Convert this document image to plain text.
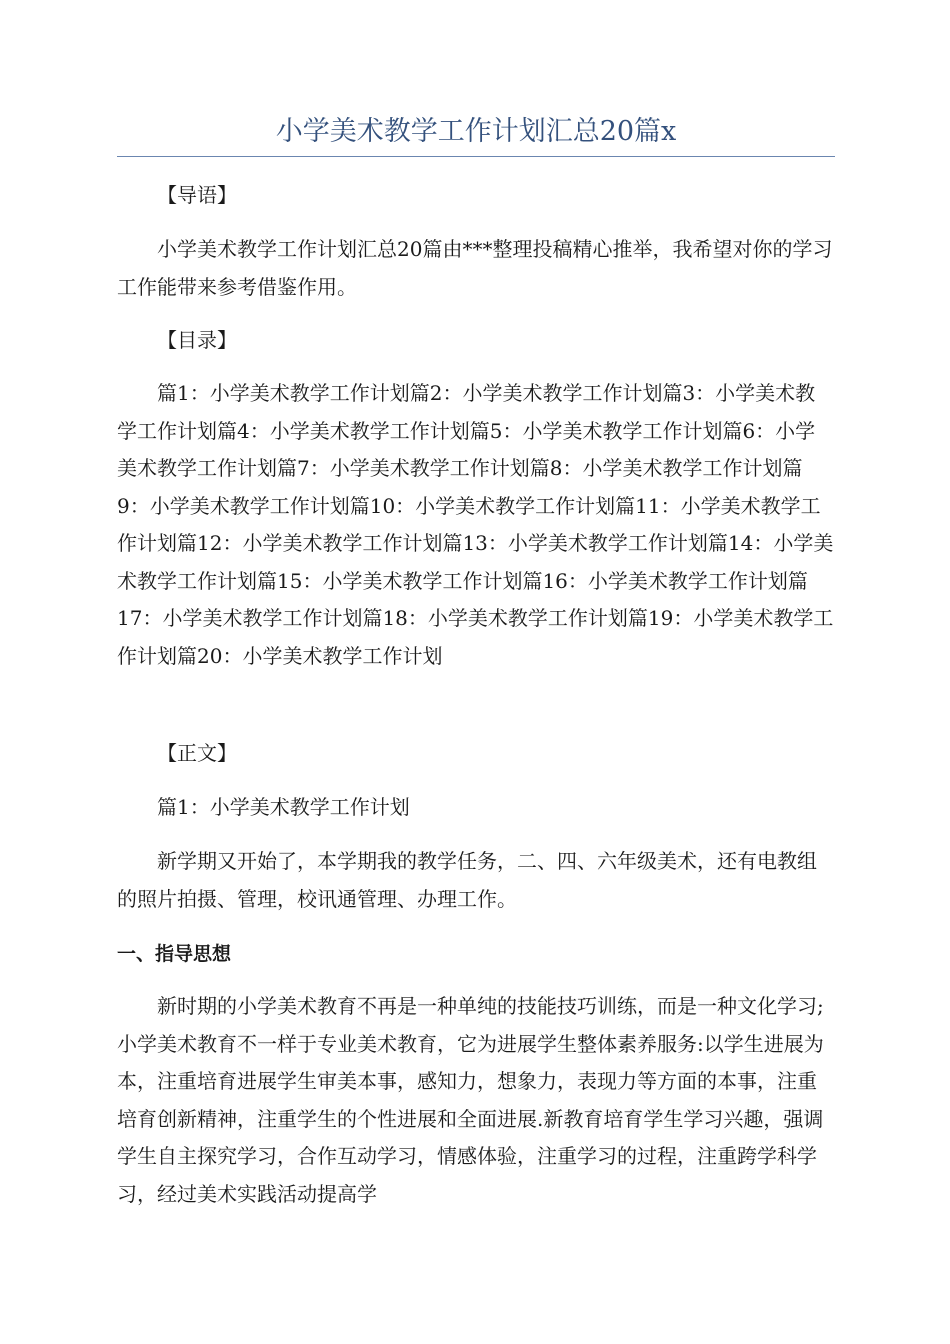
小学美术教学工作计划汇总20篇x

【导语】

小学美术教学工作计划汇总20篇由***整理投稿精心推举，我希望对你的学习工作能带来参考借鉴作用。

【目录】

篇1：小学美术教学工作计划篇2：小学美术教学工作计划篇3：小学美术教学工作计划篇4：小学美术教学工作计划篇5：小学美术教学工作计划篇6：小学美术教学工作计划篇7：小学美术教学工作计划篇8：小学美术教学工作计划篇9：小学美术教学工作计划篇10：小学美术教学工作计划篇11：小学美术教学工作计划篇12：小学美术教学工作计划篇13：小学美术教学工作计划篇14：小学美术教学工作计划篇15：小学美术教学工作计划篇16：小学美术教学工作计划篇17：小学美术教学工作计划篇18：小学美术教学工作计划篇19：小学美术教学工作计划篇20：小学美术教学工作计划

【正文】

篇1：小学美术教学工作计划

新学期又开始了，本学期我的教学任务，二、四、六年级美术，还有电教组的照片拍摄、管理，校讯通管理、办理工作。

一、指导思想

新时期的小学美术教育不再是一种单纯的技能技巧训练，而是一种文化学习;小学美术教育不一样于专业美术教育，它为进展学生整体素养服务:以学生进展为本，注重培育进展学生审美本事，感知力，想象力，表现力等方面的本事，注重培育创新精神，注重学生的个性进展和全面进展.新教育培育学生学习兴趣，强调学生自主探究学习，合作互动学习，情感体验，注重学习的过程，注重跨学科学习，经过美术实践活动提高学
